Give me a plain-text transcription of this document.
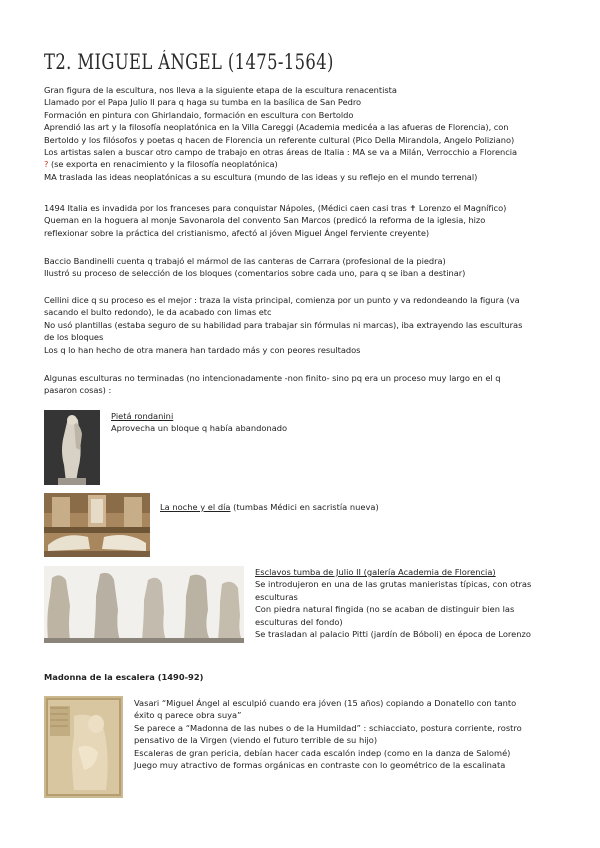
T2. MIGUEL ÁNGEL (1475-1564)
Gran figura de la escultura, nos lleva a la siguiente etapa de la escultura renacentista
Llamado por el Papa Julio II para q haga su tumba en la basílica de San Pedro
Formación en pintura con Ghirlandaio, formación en escultura con Bertoldo
Aprendió las art y la filosofía neoplatónica en la Villa Careggi (Academia medicéa a las afueras de Florencia), con
Bertoldo y los filósofos y poetas q hacen de Florencia un referente cultural (Pico Della Mirandola, Angelo Poliziano)
Los artistas salen a buscar otro campo de trabajo en otras áreas de Italia : MA se va a Milán, Verrocchio a Florencia
? (se exporta en renacimiento y la filosofía neoplatónica)
MA traslada las ideas neoplatónicas a su escultura (mundo de las ideas y su reflejo en el mundo terrenal)
1494 Italia es invadida por los franceses para conquistar Nápoles, (Médici caen casi tras ✝ Lorenzo el Magnífico)
Queman en la hoguera al monje Savonarola del convento San Marcos (predicó la reforma de la iglesia, hizo
reflexionar sobre la práctica del cristianismo, afectó al jóven Miguel Ángel ferviente creyente)
Baccio Bandinelli cuenta q trabajó el mármol de las canteras de Carrara (profesional de la piedra)
Ilustró su proceso de selección de los bloques (comentarios sobre cada uno, para q se iban a destinar)
Cellini dice q su proceso es el mejor : traza la vista principal, comienza por un punto y va redondeando la figura (va
sacando el bulto redondo), le da acabado con limas etc
No usó plantillas (estaba seguro de su habilidad para trabajar sin fórmulas ni marcas), iba extrayendo las esculturas
de los bloques
Los q lo han hecho de otra manera han tardado más y con peores resultados
Algunas esculturas no terminadas (no intencionadamente -non finito- sino pq era un proceso muy largo en el q
pasaron cosas) :
Pietá rondanini
Aprovecha un bloque q había abandonado
La noche y el día (tumbas Médici en sacristía nueva)
Esclavos tumba de Julio II (galería Academia de Florencia)
Se introdujeron en una de las grutas manieristas típicas, con otras
esculturas
Con piedra natural fingida (no se acaban de distinguir bien las
esculturas del fondo)
Se trasladan al palacio Pitti (jardín de Bóboli) en época de Lorenzo
Madonna de la escalera (1490-92)
Vasari “Miguel Ángel al esculpió cuando era jóven (15 años) copiando a Donatello con tanto
éxito q parece obra suya”
Se parece a “Madonna de las nubes o de la Humildad” : schiacciato, postura corriente, rostro
pensativo de la Virgen (viendo el futuro terrible de su hijo)
Escaleras de gran pericia, debían hacer cada escalón indep (como en la danza de Salomé)
Juego muy atractivo de formas orgánicas en contraste con lo geométrico de la escalinata
